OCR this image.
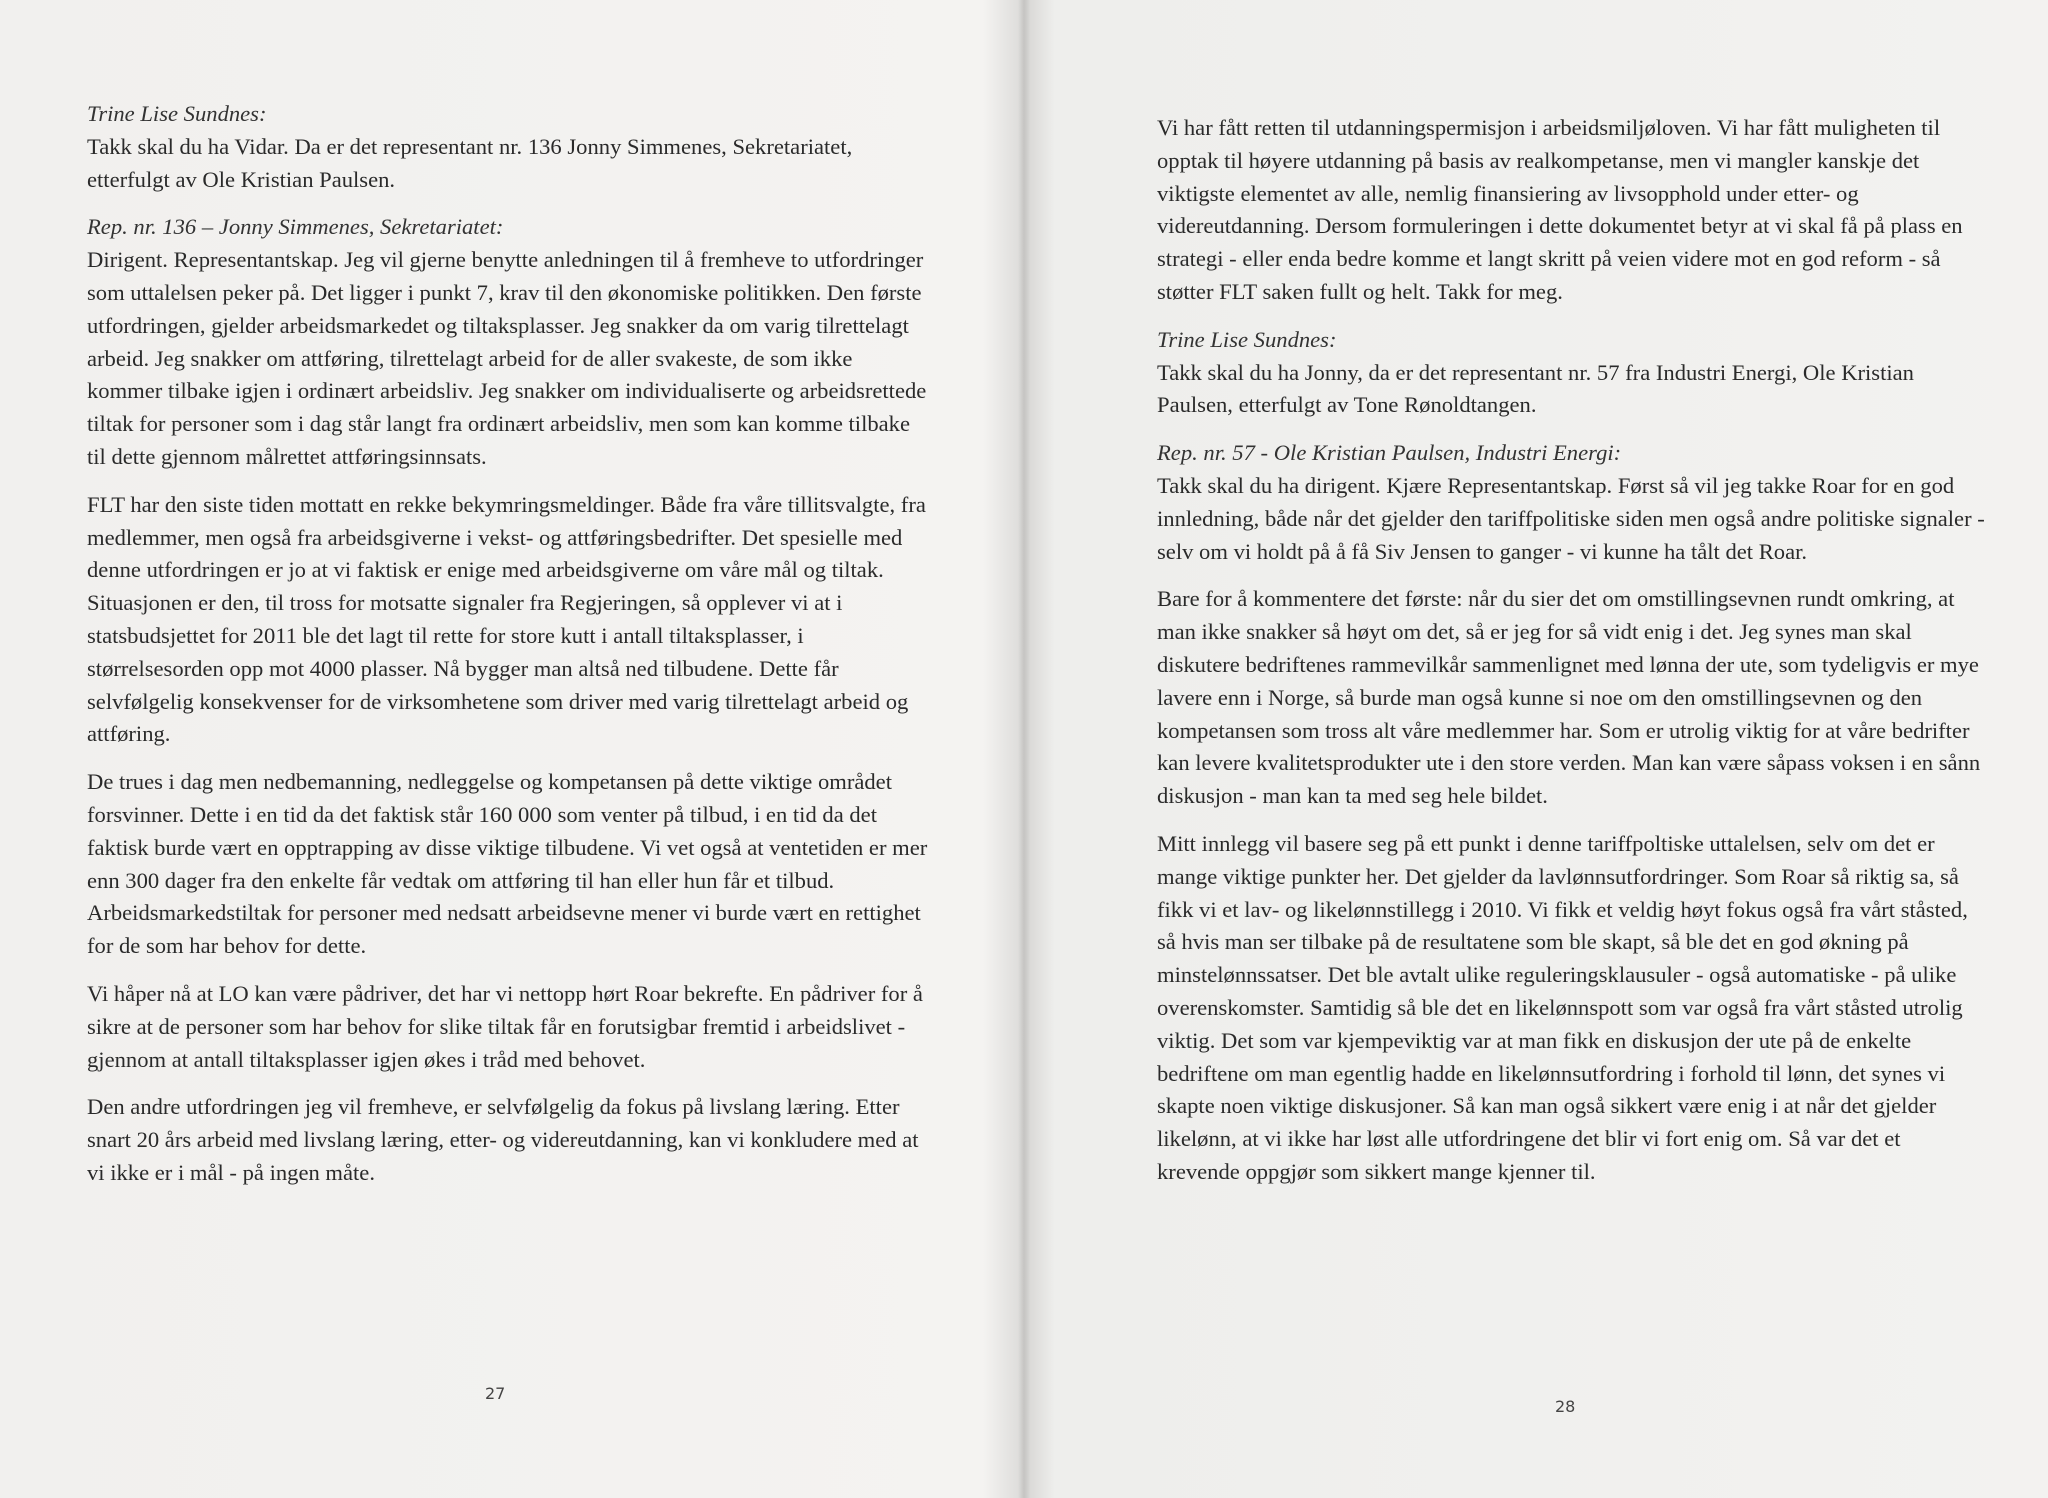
Trine Lise Sundnes:
Takk skal du ha Vidar. Da er det representant nr. 136 Jonny Simmenes, Sekretariatet, etterfulgt av Ole Kristian Paulsen.
Rep. nr. 136 – Jonny Simmenes, Sekretariatet:
Dirigent. Representantskap. Jeg vil gjerne benytte anledningen til å fremheve to utfordringer som uttalelsen peker på. Det ligger i punkt 7, krav til den økonomiske politikken. Den første utfordringen, gjelder arbeidsmarkedet og tiltaksplasser. Jeg snakker da om varig tilrettelagt arbeid. Jeg snakker om attføring, tilrettelagt arbeid for de aller svakeste, de som ikke kommer tilbake igjen i ordinært arbeidsliv. Jeg snakker om individualiserte og arbeidsrettede tiltak for personer som i dag står langt fra ordinært arbeidsliv, men som kan komme tilbake til dette gjennom målrettet attføringsinnsats.
FLT har den siste tiden mottatt en rekke bekymringsmeldinger. Både fra våre tillitsvalgte, fra medlemmer, men også fra arbeidsgiverne i vekst- og attføringsbedrifter. Det spesielle med denne utfordringen er jo at vi faktisk er enige med arbeidsgiverne om våre mål og tiltak. Situasjonen er den, til tross for motsatte signaler fra Regjeringen, så opplever vi at i statsbudsjettet for 2011 ble det lagt til rette for store kutt i antall tiltaksplasser, i størrelsesorden opp mot 4000 plasser. Nå bygger man altså ned tilbudene. Dette får selvfølgelig konsekvenser for de virksomhetene som driver med varig tilrettelagt arbeid og attføring.
De trues i dag men nedbemanning, nedleggelse og kompetansen på dette viktige området forsvinner. Dette i en tid da det faktisk står 160 000 som venter på tilbud, i en tid da det faktisk burde vært en opptrapping av disse viktige tilbudene. Vi vet også at ventetiden er mer enn 300 dager fra den enkelte får vedtak om attføring til han eller hun får et tilbud. Arbeidsmarkedstiltak for personer med nedsatt arbeidsevne mener vi burde vært en rettighet for de som har behov for dette.
Vi håper nå at LO kan være pådriver, det har vi nettopp hørt Roar bekrefte. En pådriver for å sikre at de personer som har behov for slike tiltak får en forutsigbar fremtid i arbeidslivet - gjennom at antall tiltaksplasser igjen økes i tråd med behovet.
Den andre utfordringen jeg vil fremheve, er selvfølgelig da fokus på livslang læring. Etter snart 20 års arbeid med livslang læring, etter- og videreutdanning, kan vi konkludere med at vi ikke er i mål - på ingen måte.
27
Vi har fått retten til utdanningspermisjon i arbeidsmiljøloven. Vi har fått muligheten til opptak til høyere utdanning på basis av realkompetanse, men vi mangler kanskje det viktigste elementet av alle, nemlig finansiering av livsopphold under etter- og videreutdanning. Dersom formuleringen i dette dokumentet betyr at vi skal få på plass en strategi - eller enda bedre komme et langt skritt på veien videre mot en god reform - så støtter FLT saken fullt og helt. Takk for meg.
Trine Lise Sundnes:
Takk skal du ha Jonny, da er det representant nr. 57 fra Industri Energi, Ole Kristian Paulsen, etterfulgt av Tone Rønoldtangen.
Rep. nr. 57 - Ole Kristian Paulsen, Industri Energi:
Takk skal du ha dirigent. Kjære Representantskap. Først så vil jeg takke Roar for en god innledning, både når det gjelder den tariffpolitiske siden men også andre politiske signaler - selv om vi holdt på å få Siv Jensen to ganger - vi kunne ha tålt det Roar.
Bare for å kommentere det første: når du sier det om omstillingsevnen rundt omkring, at man ikke snakker så høyt om det, så er jeg for så vidt enig i det. Jeg synes man skal diskutere bedriftenes rammevilkår sammenlignet med lønna der ute, som tydeligvis er mye lavere enn i Norge, så burde man også kunne si noe om den omstillingsevnen og den kompetansen som tross alt våre medlemmer har. Som er utrolig viktig for at våre bedrifter kan levere kvalitetsprodukter ute i den store verden. Man kan være såpass voksen i en sånn diskusjon - man kan ta med seg hele bildet.
Mitt innlegg vil basere seg på ett punkt i denne tariffpoltiske uttalelsen, selv om det er mange viktige punkter her. Det gjelder da lavlønnsutfordringer. Som Roar så riktig sa, så fikk vi et lav- og likelønnstillegg i 2010. Vi fikk et veldig høyt fokus også fra vårt ståsted, så hvis man ser tilbake på de resultatene som ble skapt, så ble det en god økning på minstelønnssatser. Det ble avtalt ulike reguleringsklausuler - også automatiske - på ulike overenskomster. Samtidig så ble det en likelønnspott som var også fra vårt ståsted utrolig viktig. Det som var kjempeviktig var at man fikk en diskusjon der ute på de enkelte bedriftene om man egentlig hadde en likelønnsutfordring i forhold til lønn, det synes vi skapte noen viktige diskusjoner. Så kan man også sikkert være enig i at når det gjelder likelønn, at vi ikke har løst alle utfordringene det blir vi fort enig om. Så var det et krevende oppgjør som sikkert mange kjenner til.
28
